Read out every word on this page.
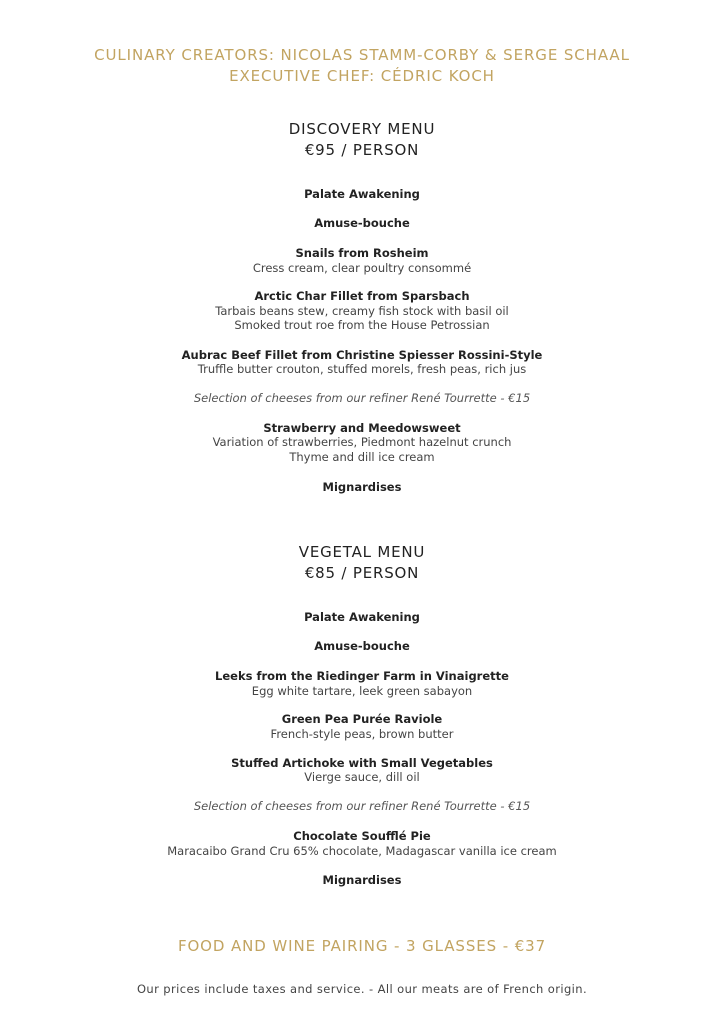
CULINARY CREATORS: NICOLAS STAMM-CORBY & SERGE SCHAAL
EXECUTIVE CHEF: CÉDRIC KOCH
DISCOVERY MENU
€95 / PERSON
Palate Awakening
Amuse-bouche
Snails from Rosheim
Cress cream, clear poultry consommé
Arctic Char Fillet from Sparsbach
Tarbais beans stew, creamy fish stock with basil oil
Smoked trout roe from the House Petrossian
Aubrac Beef Fillet from Christine Spiesser Rossini-Style
Truffle butter crouton, stuffed morels, fresh peas, rich jus
Selection of cheeses from our refiner René Tourrette - €15
Strawberry and Meedowsweet
Variation of strawberries, Piedmont hazelnut crunch
Thyme and dill ice cream
Mignardises
VEGETAL MENU
€85 / PERSON
Palate Awakening
Amuse-bouche
Leeks from the Riedinger Farm in Vinaigrette
Egg white tartare, leek green sabayon
Green Pea Purée Raviole
French-style peas, brown butter
Stuffed Artichoke with Small Vegetables
Vierge sauce, dill oil
Selection of cheeses from our refiner René Tourrette - €15
Chocolate Soufflé Pie
Maracaibo Grand Cru 65% chocolate, Madagascar vanilla ice cream
Mignardises
FOOD AND WINE PAIRING - 3 GLASSES - €37
Our prices include taxes and service. - All our meats are of French origin.
